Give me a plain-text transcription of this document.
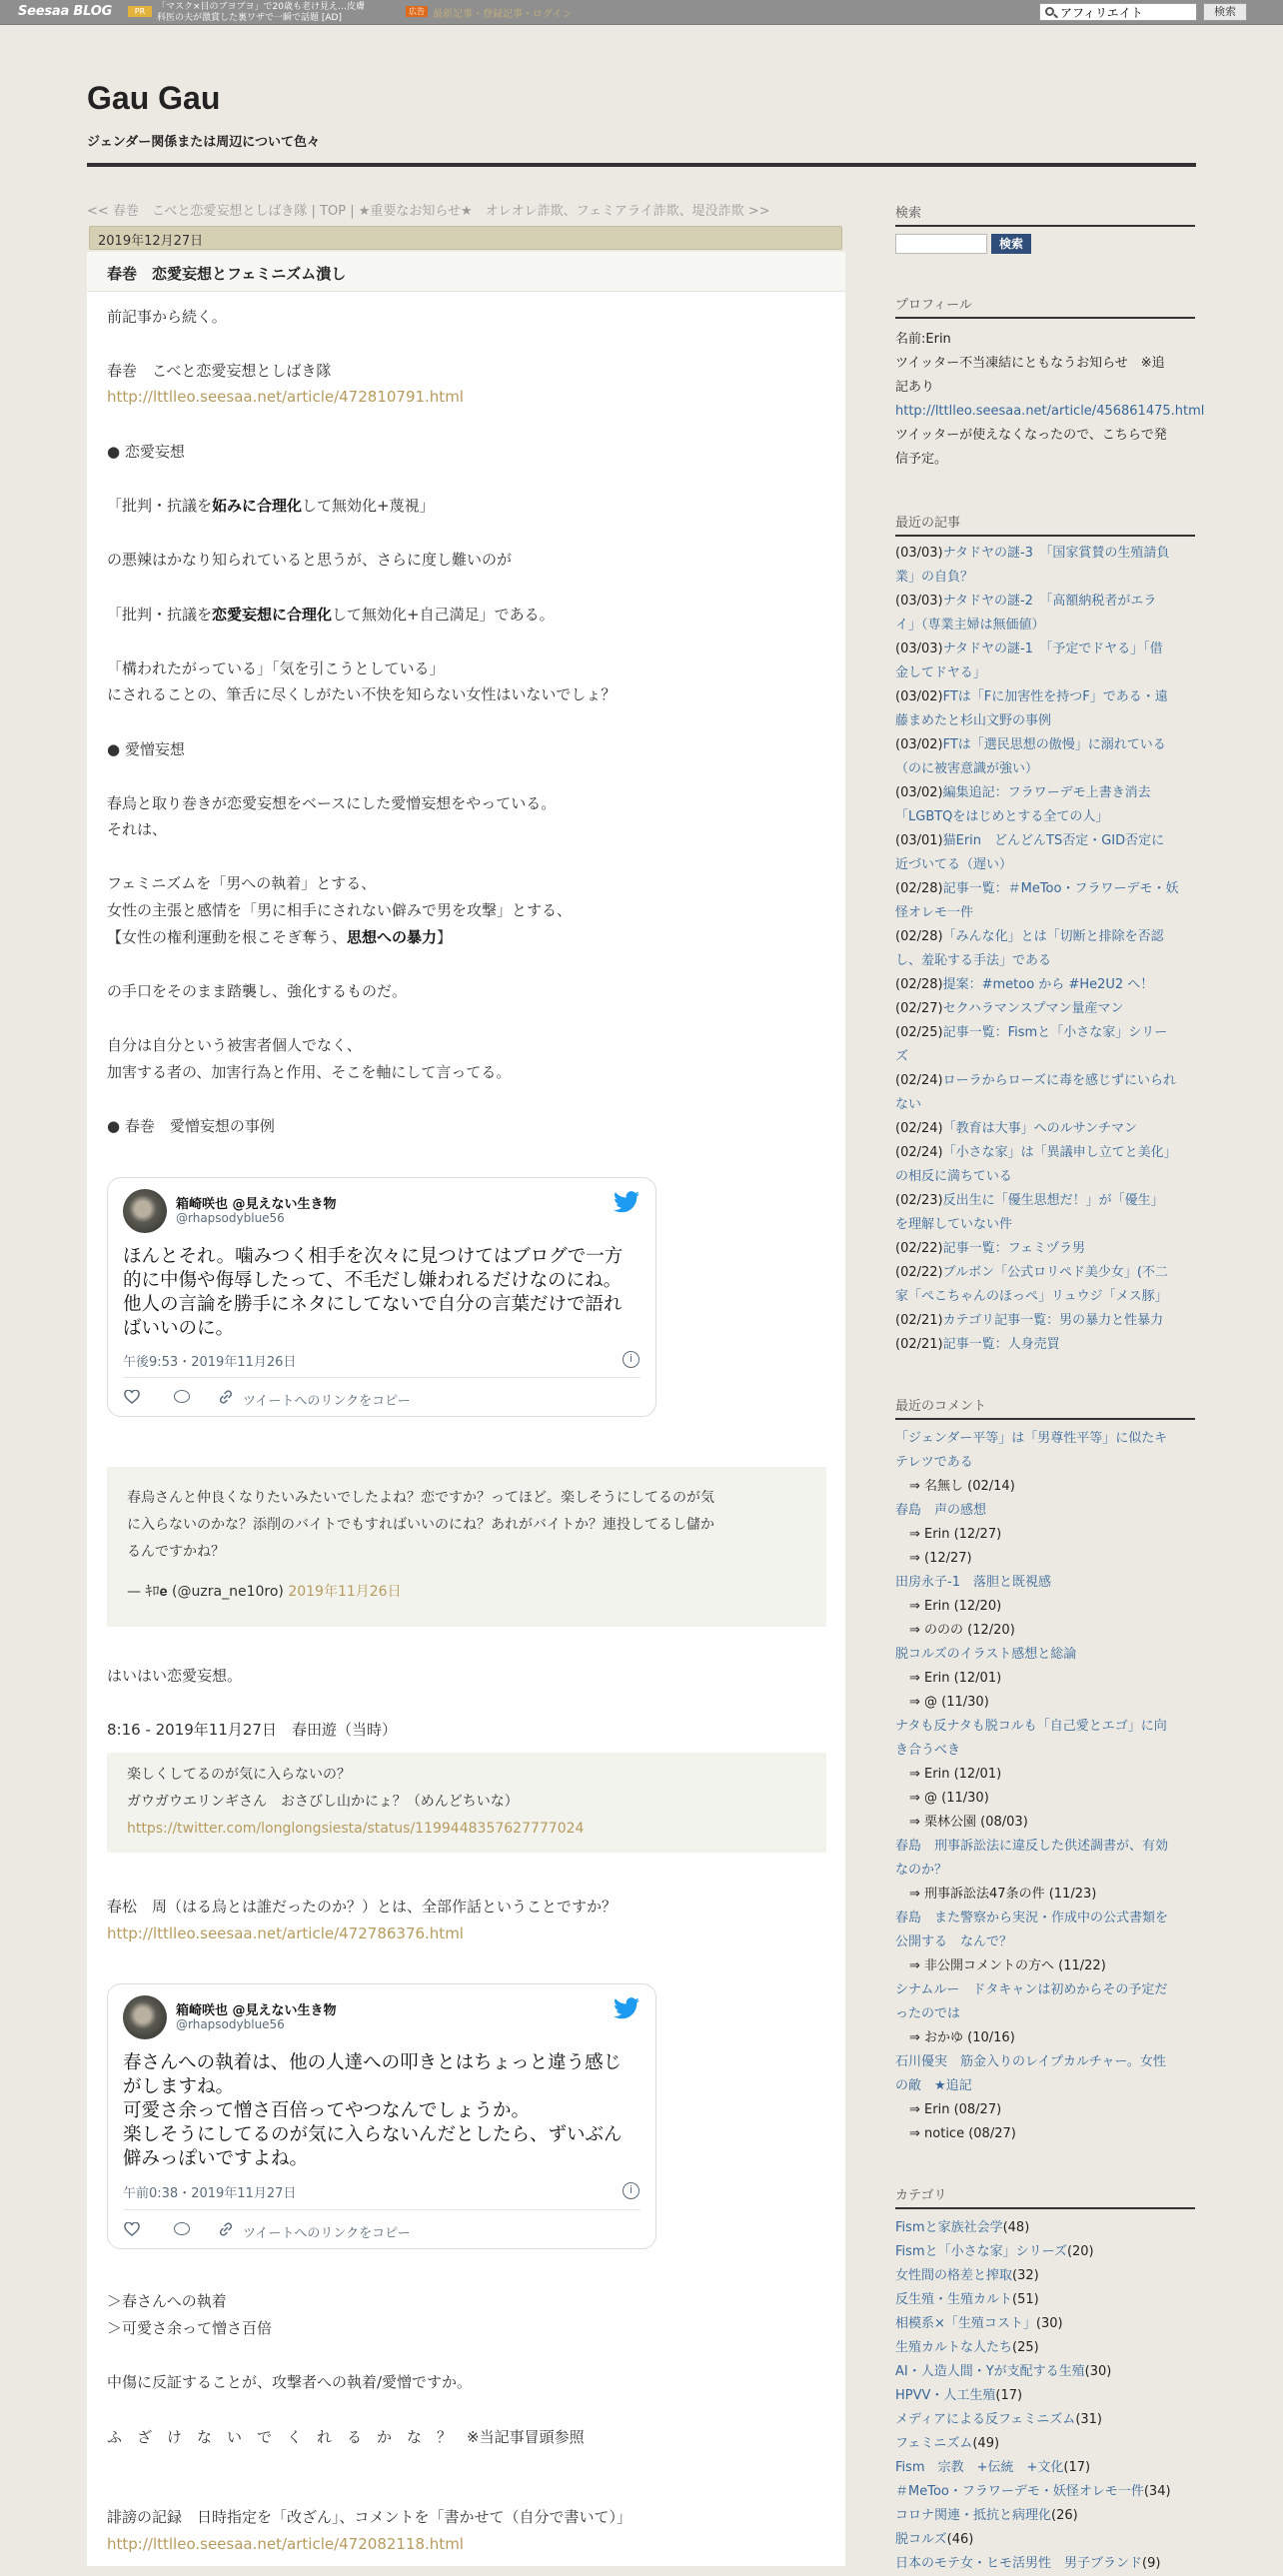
Seesaa BLOG	PR	「マスク×目のブヨブヨ」で20歳も老け見え…皮膚
科医の夫が激賞した裏ワザで一瞬で話題 [AD]
広告 最新記事・登録記事・ログイン
アフィリエイト	検索
Gau Gau
ジェンダー関係または周辺について色々
<< 春巻　こべと恋愛妄想としばき隊 | TOP | ★重要なお知らせ★　オレオレ詐欺、フェミアライ詐欺、堤没詐欺 >>
2019年12月27日
春巻　恋愛妄想とフェミニズム潰し
前記事から続く。
春巻　こべと恋愛妄想としばき隊
http://lttlleo.seesaa.net/article/472810791.html
● 恋愛妄想
「批判・抗議を妬みに合理化して無効化+蔑視」
の悪辣はかなり知られていると思うが、さらに度し難いのが
「批判・抗議を恋愛妄想に合理化して無効化+自己満足」である。
「構われたがっている」「気を引こうとしている」
にされることの、筆舌に尽くしがたい不快を知らない女性はいないでしょ？
● 愛憎妄想
春烏と取り巻きが恋愛妄想をベースにした愛憎妄想をやっている。
それは、
フェミニズムを「男への執着」とする、
女性の主張と感情を「男に相手にされない僻みで男を攻撃」とする、
【女性の権利運動を根こそぎ奪う、思想への暴力】
の手口をそのまま踏襲し、強化するものだ。
自分は自分という被害者個人でなく、
加害する者の、加害行為と作用、そこを軸にして言ってる。
● 春巻　愛憎妄想の事例
箱崎咲也 @見えない生き物
@rhapsodyblue56
ほんとそれ。噛みつく相手を次々に見つけてはブログで一方
的に中傷や侮辱したって、不毛だし嫌われるだけなのにね。
他人の言論を勝手にネタにしてないで自分の言葉だけで語れ
ばいいのに。
午後9:53・2019年11月26日	i
ツイートへのリンクをコピー
春烏さんと仲良くなりたいみたいでしたよね？恋ですか？ってほど。楽しそうにしてるのが気
に入らないのかな？添削のバイトでもすればいいのにね？あれがバイトか？連投してるし儲か
るんですかね？
— ｷﾛ𝐞 (@uzra_ne10ro) 2019年11月26日
はいはい恋愛妄想。
8:16 - 2019年11月27日　春田遊（当時）
楽しくしてるのが気に入らないの？
ガウガウエリンギさん　おさびし山かにょ？（めんどちいな）
https://twitter.com/longlongsiesta/status/1199448357627777024
春松　周（はる烏とは誰だったのか？）とは、全部作話ということですか？
http://lttlleo.seesaa.net/article/472786376.html
箱崎咲也 @見えない生き物
@rhapsodyblue56
春さんへの執着は、他の人達への叩きとはちょっと違う感じ
がしますね。
可愛さ余って憎さ百倍ってやつなんでしょうか。
楽しそうにしてるのが気に入らないんだとしたら、ずいぶん
僻みっぽいですよね。
午前0:38・2019年11月27日	i
ツイートへのリンクをコピー
＞春さんへの執着
＞可愛さ余って憎さ百倍
中傷に反証することが、攻撃者への執着/愛憎ですか。
ふ　ざ　け　な　い　で　く　れ　る　か　な　？　※当記事冒頭参照
誹謗の記録　日時指定を「改ざん」、コメントを「書かせて（自分で書いて）」
http://lttlleo.seesaa.net/article/472082118.html
検索
検索
プロフィール
名前:Erin
ツイッター不当凍結にともなうお知らせ　※追
記あり
http://lttlleo.seesaa.net/article/456861475.html
ツイッターが使えなくなったので、こちらで発
信予定。
最近の記事
(03/03)ナタドヤの謎-3　「国家賞賛の生殖請負
業」の自負？
(03/03)ナタドヤの謎-2　「高額納税者がエラ
イ」（専業主婦は無価値）
(03/03)ナタドヤの謎-1　「予定でドヤる」「借
金してドヤる」
(03/02)FTは「Fに加害性を持つF」である・遠
藤まめたと杉山文野の事例
(03/02)FTは「選民思想の傲慢」に溺れている
（のに被害意識が強い）
(03/02)編集追記：フラワーデモ上書き消去
「LGBTQをはじめとする全ての人」
(03/01)猫Erin　どんどんTS否定・GID否定に
近づいてる（遅い）
(02/28)記事一覧：＃MeToo・フラワーデモ・妖
怪オレモ一件
(02/28)「みんな化」とは「切断と排除を否認
し、羞恥する手法」である
(02/28)提案：#metoo から #He2U2 へ！
(02/27)セクハラマンスプマン量産マン
(02/25)記事一覧：Fismと「小さな家」シリー
ズ
(02/24)ローラからローズに毒を感じずにいられ
ない
(02/24)「教育は大事」へのルサンチマン
(02/24)「小さな家」は「異議申し立てと美化」
の相反に満ちている
(02/23)反出生に「優生思想だ！」が「優生」
を理解していない件
(02/22)記事一覧：フェミヅラ男
(02/22)ブルボン「公式ロリペド美少女」(不二
家「ぺこちゃんのほっぺ」リュウジ「メス豚」
(02/21)カテゴリ記事一覧：男の暴力と性暴力
(02/21)記事一覧：人身売買
最近のコメント
「ジェンダー平等」は「男尊性平等」に似たキ
テレツである
⇒ 名無し (02/14)
春島　声の感想
⇒ Erin (12/27)
⇒ (12/27)
田房永子-1　落胆と既視感
⇒ Erin (12/20)
⇒ ののの (12/20)
脱コルズのイラスト感想と総論
⇒ Erin (12/01)
⇒ @ (11/30)
ナタも反ナタも脱コルも「自己愛とエゴ」に向
き合うべき
⇒ Erin (12/01)
⇒ @ (11/30)
⇒ 栗林公園 (08/03)
春島　刑事訴訟法に違反した供述調書が、有効
なのか？
⇒ 刑事訴訟法47条の件 (11/23)
春島　また警察から実況・作成中の公式書類を
公開する　なんで？
⇒ 非公開コメントの方へ (11/22)
シナムルー　ドタキャンは初めからその予定だ
ったのでは
⇒ おかゆ (10/16)
石川優実　筋金入りのレイプカルチャー。女性
の敵　★追記
⇒ Erin (08/27)
⇒ notice (08/27)
カテゴリ
Fismと家族社会学(48)
Fismと「小さな家」シリーズ(20)
女性間の格差と搾取(32)
反生殖・生殖カルト(51)
相模系×「生殖コスト」(30)
生殖カルトな人たち(25)
AI・人造人間・Yが支配する生殖(30)
HPVV・人工生殖(17)
メディアによる反フェミニズム(31)
フェミニズム(49)
Fism　宗教　+伝統　+文化(17)
＃MeToo・フラワーデモ・妖怪オレモ一件(34)
コロナ関連・抵抗と病理化(26)
脱コルズ(46)
日本のモテ女・ヒモ活男性　男子ブランド(9)
